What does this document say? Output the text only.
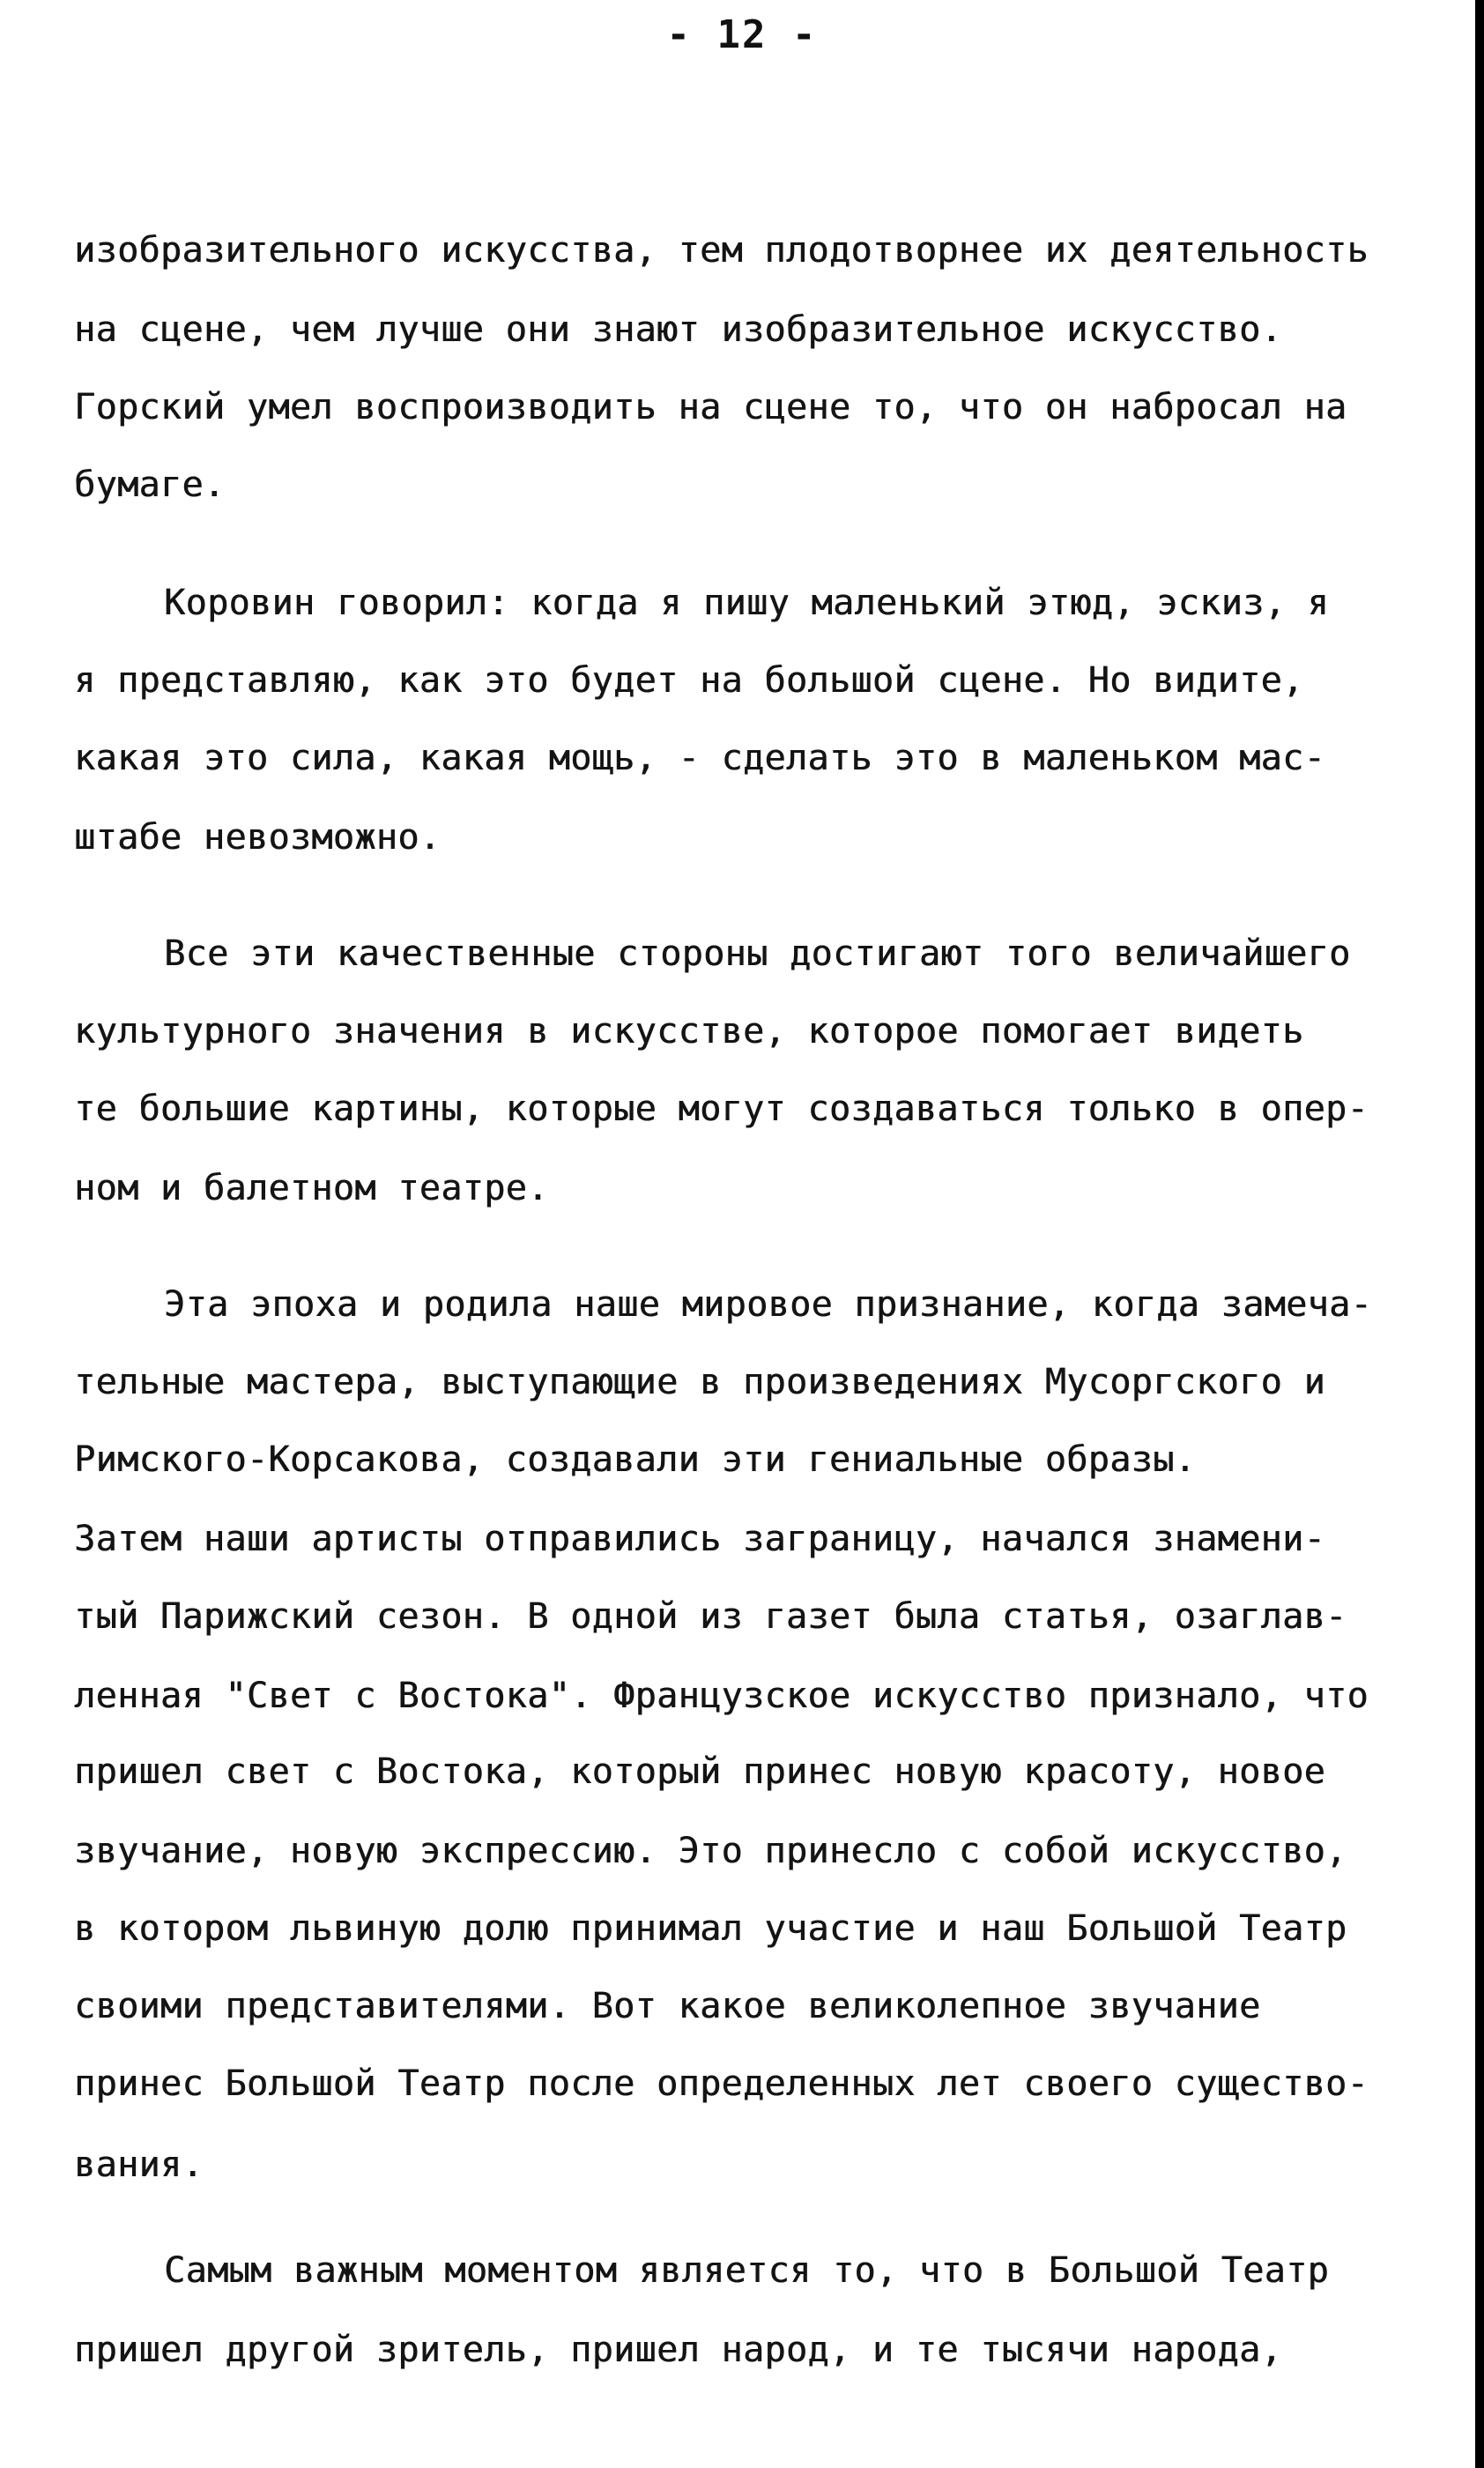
- 12 -
изобразительного искусства, тем плодотворнее их деятельность
на сцене, чем лучше они знают изобразительное искусство.
Горский умел воспроизводить на сцене то, что он набросал на
бумаге.
Коровин говорил: когда я пишу маленький этюд, эскиз, я
я представляю, как это будет на большой сцене. Но видите,
какая это сила, какая мощь, - сделать это в маленьком мас-
штабе невозможно.
Все эти качественные стороны достигают того величайшего
культурного значения в искусстве, которое помогает видеть
те большие картины, которые могут создаваться только в опер-
ном и балетном театре.
Эта эпоха и родила наше мировое признание, когда замеча-
тельные мастера, выступающие в произведениях Мусоргского и
Римского-Корсакова, создавали эти гениальные образы.
Затем наши артисты отправились заграницу, начался знамени-
тый Парижский сезон. В одной из газет была статья, озаглав-
ленная "Свет с Востока". Французское искусство признало, что
пришел свет с Востока, который принес новую красоту, новое
звучание, новую экспрессию. Это принесло с собой искусство,
в котором львиную долю принимал участие и наш Большой Театр
своими представителями. Вот какое великолепное звучание
принес Большой Театр после определенных лет своего существо-
вания.
Самым важным моментом является то, что в Большой Театр
пришел другой зритель, пришел народ, и те тысячи народа,
